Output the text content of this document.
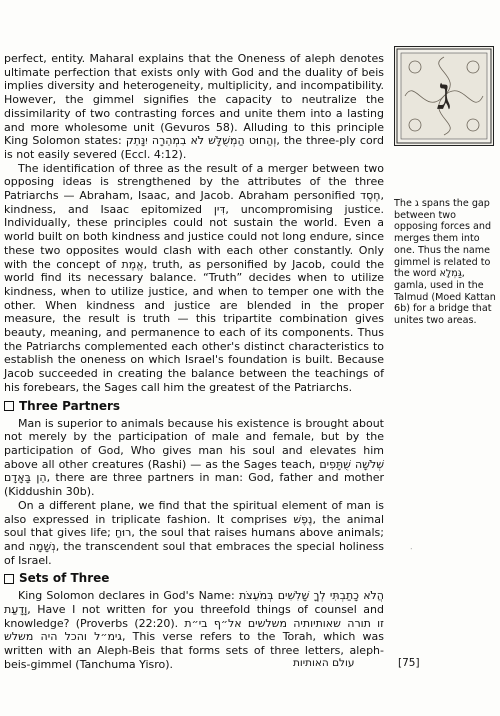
perfect, entity. Maharal explains that the Oneness of aleph denotes ultimate perfection that exists only with God and the duality of beis implies diversity and heterogeneity, multiplicity, and incompatibility. However, the gimmel signifies the capacity to neutralize the dissimilarity of two contrasting forces and unite them into a lasting and more wholesome unit (Gevuros 58). Alluding to this principle King Solomon states: וְהַחוּט הַמְשֻׁלָּשׁ לֹא בִמְהֵרָה יִנָּתֵק, the three-ply cord is not easily severed (Eccl. 4:12).

The identification of three as the result of a merger between two opposing ideas is strengthened by the attributes of the three Patriarchs — Abraham, Isaac, and Jacob. Abraham personified חֶסֶד, kindness, and Isaac epitomized דִּין, uncompromising justice. Individually, these principles could not sustain the world. Even a world built on both kindness and justice could not long endure, since these two opposites would clash with each other constantly. Only with the concept of אֱמֶת, truth, as personified by Jacob, could the world find its necessary balance. “Truth” decides when to utilize kindness, when to utilize justice, and when to temper one with the other. When kindness and justice are blended in the proper measure, the result is truth — this tripartite combination gives beauty, meaning, and permanence to each of its components. Thus the Patriarchs complemented each other's distinct characteristics to establish the oneness on which Israel's foundation is built. Because Jacob succeeded in creating the balance between the teachings of his forebears, the Sages call him the greatest of the Patriarchs.

Three Partners

Man is superior to animals because his existence is brought about not merely by the participation of male and female, but by the participation of God, Who gives man his soul and elevates him above all other creatures (Rashi) — as the Sages teach, שְׁלֹשָׁה שֻׁתָּפִים הֵן בָּאָדָם, there are three partners in man: God, father and mother (Kiddushin 30b).

On a different plane, we find that the spiritual element of man is also expressed in triplicate fashion. It comprises נֶפֶשׁ, the animal soul that gives life; רוּחַ, the soul that raises humans above animals; and נְשָׁמָה, the transcendent soul that embraces the special holiness of Israel.

Sets of Three

King Solomon declares in God's Name: הֲלֹא כָתַבְתִּי לְךָ שָׁלִשִׁים בְּמֹעֵצֹת וָדָעַת, Have I not written for you threefold things of counsel and knowledge? (Proverbs (22:20). זו תורה שאותיותיה משלשים אל״ף בי״ת גימ״ל והכל היה משלש, This verse refers to the Torah, which was written with an Aleph-Beis that forms sets of three letters, aleph-beis-gimmel (Tanchuma Yisro).

ג
The ג spans the gap between two opposing forces and merges them into one. Thus the name gimmel is related to the word גַּמְלָא, gamla, used in the Talmud (Moed Kattan 6b) for a bridge that unites two areas.
עולם האותיות	[75]
